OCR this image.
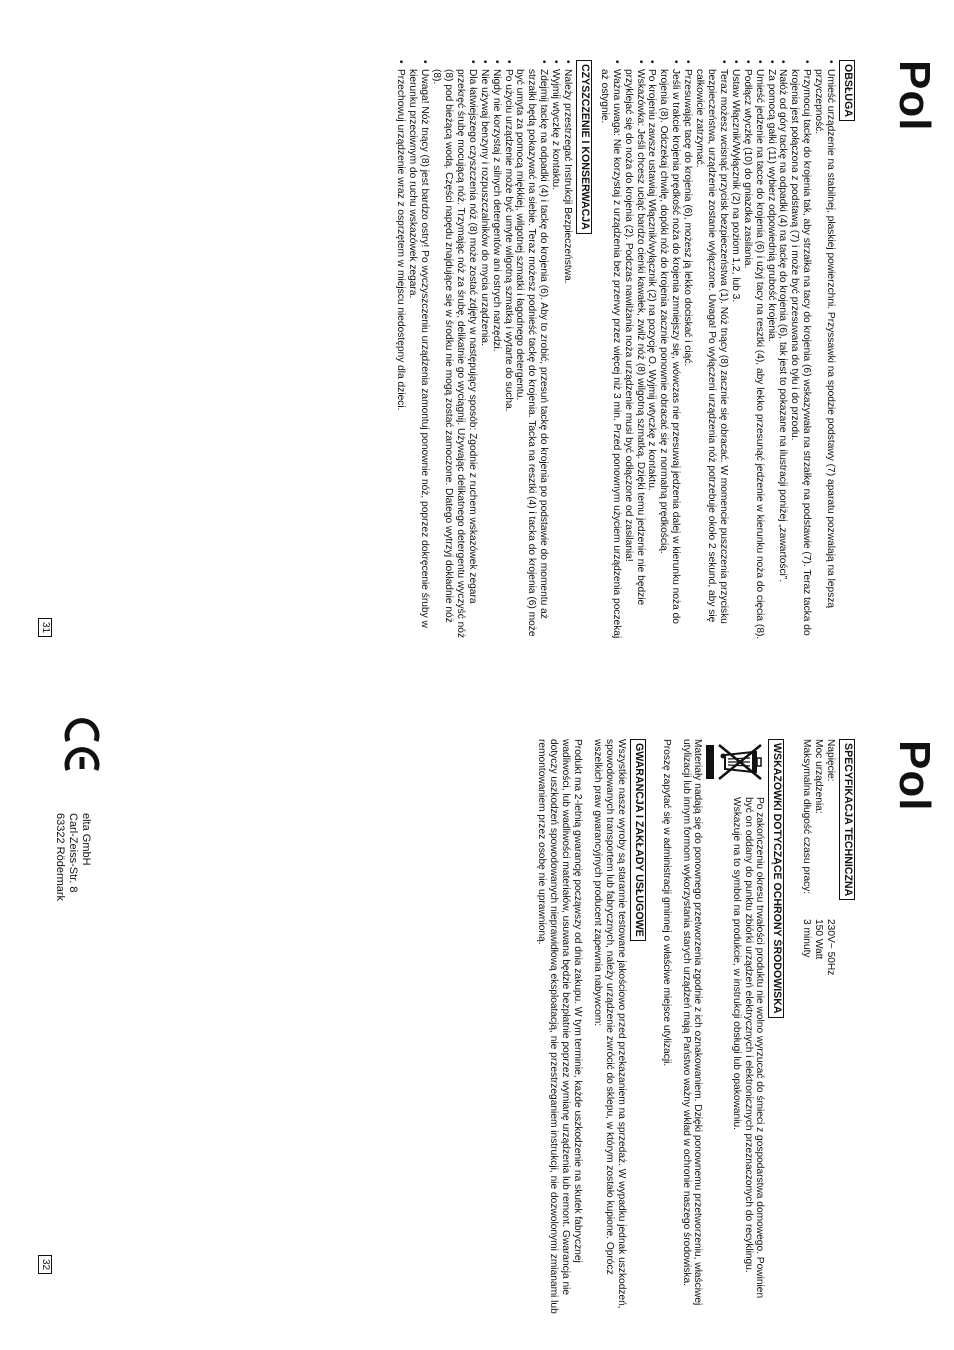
Pol
OBSŁUGA
• Umieść urządzenie na stabilnej, płaskiej powierzchni. Przyssawki na spodzie podstawy (7) aparatu pozwalają na lepszą przyczepność.
• Przymocuj tackę do krojenia tak, aby strzałka na tacy do krojenia (6) wskazywała na strzałkę na podstawie (7). Teraz tacka do krojenia jest połączona z podstawą (7) i może być przesuwana do tyłu i do przodu.
• Nałóż od góry tackę na odpadki (4) na tackę do krojenia (6), tak jest to pokazane na ilustracji poniżej „zawartości”.
• Za pomocą gałki (11) wybierz odpowiednią grubość krojenia.
• Umieść jedzenie na tacce do krojenia (6) i użyj tacy na resztki (4), aby lekko przesunąć jedzenie w kierunku noża do cięcia (8).
• Podłącz wtyczkę (10) do gniazdka zasilania.
• Ustaw Włącznik/Wyłącznik (2) na poziom 1,2, lub 3.
• Teraz możesz wcisnąć przycisk bezpieczeństwa (1). Nóż tnący (8) zacznie się obracać. W momencie puszczenia przycisku bezpieczeństwa, urządzenie zostanie wyłączone. Uwaga! Po wyłączeni urządzenia nóż potrzebuje około 2 sekund, aby się całkowicie zatrzymać.
• Przesuwając tacę do krojenia (6), możesz ją lekko dociskać i ciąć.
• Jeśli w trakcie krojenia prędkość noża do krojenia zmniejszy się, wówczas nie przesuwaj jedzenia dalej w kierunku noża do krojenia (8). Odczekaj chwilę, dopóki nóż do krojenia zacznie ponownie obracać się z normalną prędkością.
• Po krojeniu zawsze ustawiaj Włącznik/wyłącznik (2) na pozycję O. Wyjmij wtyczkę z kontaktu.
• Wskazówka: Jeśli chcesz uciąć bardzo cienki kawałek, zwilż nóż (8) wilgotną szmatką. Dzięki temu jedzenie nie będzie przyklejać się do noża do krojenia (2). Podczas nawilżania noża urządzenie musi być odłączone od zasilania!
• Ważna uwaga: Nie korzystaj z urządzenia bez przerwy przez więcej niż 3 min. Przed ponownym użyciem urządzenia poczekaj aż ostygnie.
CZYSZCZENIE I KONSERWACJA
• Należy przestrzegać Instrukcji Bezpieczeństwa.
• Wyjmij wtyczkę z kontaktu.
• Zdejmij tackę na odpadki (4) i tackę do krojenia (6). Aby to zrobić, przesuń tackę do krojenia po podstawie do momentu aż strzałki będą pokazywać na siebie. Teraz możesz podnieść tackę do krojenia. Tacka na resztki (4) i tacka do krojenia (6) może być umyta za pomocą miękkiej, wilgotnej szmatki i łagodnego detergentu.
• Po użyciu urządzenie może być umyte wilgotną szmatką i wytarte do sucha.
• Nigdy nie korzystaj z silnych detergentów ani ostrych narzędzi.
• Nie używaj benzyny i rozpuszczalników do mycia urządzenia.
• Dla łatwiejszego czyszczenia nóż (8) może zostać zdjęty w następujący sposób: Zgodnie z ruchem wskazówek zegara przekręć śrubę mocującą nóż. Trzymając nóż za śrubę, delikatnie go wyciągnij. Używając delikatnego detergentu wyczyść nóż (8) pod bieżącą wodą. Części napędu znajdujące się w środku nie mogą zostać zamoczone. Dlatego wytrzyj dokładnie nóż (8).
• Uwaga! Nóż tnący (8) jest bardzo ostry! Po wyczyszczeniu urządzenia zamontuj ponownie nóż, poprzez dokręcenie śruby w kierunku przeciwnym do ruchu wskazówek zegara.
• Przechowuj urządzenie wraz z osprzętem w miejscu niedostępny dla dzieci.
31
Pol
SPECYFIKACJA TECHNICZNA
Napięcie:
230V~ 50Hz
Moc urządzenia:
150 Watt
Maksymalna długość czasu pracy:
3 minuty
WSKAZÓWKI DOTYCZĄCE OCHRONY ŚRODOWISKA
Po zakończeniu okresu trwałości produktu nie wolno wyrzucać do śmieci z gospodarstwa domowego. Powinien być on oddany do punktu zbiórki urządzeń elektrycznych i elektronicznych przeznaczonych do recyklingu. Wskazuje na to symbol na produkcie, w instrukcji obsługi lub opakowaniu.

Materiały nadają się do ponownego przetworzenia zgodnie z ich oznakowaniem. Dzięki ponownemu przetworzeniu, właściwej utylizacji lub innym formom wykorzystania starych urządzeń mają Państwo ważny wkład w ochronie naszego środowiska.

Proszę zapytać się w administracji gminnej o właściwe miejsce utylizacji.

GWARANCJA I ZAKŁADY USŁUGOWE

Wszystkie nasze wyroby są starannie testowane jakościowo przed przekazaniem na sprzedaż. W wypadku jednak uszkodzeń, spowodowanych transportem lub fabrycznych, należy urządzenie zwrócić do sklepu, w którym zostało kupione. Oprócz wszelkich praw gwarancyjnych producent zapewnia nabywcom:

Produkt ma 2-letnią gwarancję począwszy od dnia zakupu. W tym terminie, każde uszkodzenie na skutek fabrycznej wadliwości, lub wadliwości materiałów, usuwana będzie bezpłatnie poprzez wymianę urządzenia lub remont. Gwarancja nie dotyczy uszkodzeń spowodowanych nieprawidłową eksploatacją, nie przestrzeganiem instrukcji, nie dozwolonymi zmianami lub remontowaniem przez osobę nie uprawnioną.

elta GmbH
Carl-Zeiss-Str. 8
63322 Rödermark
32
